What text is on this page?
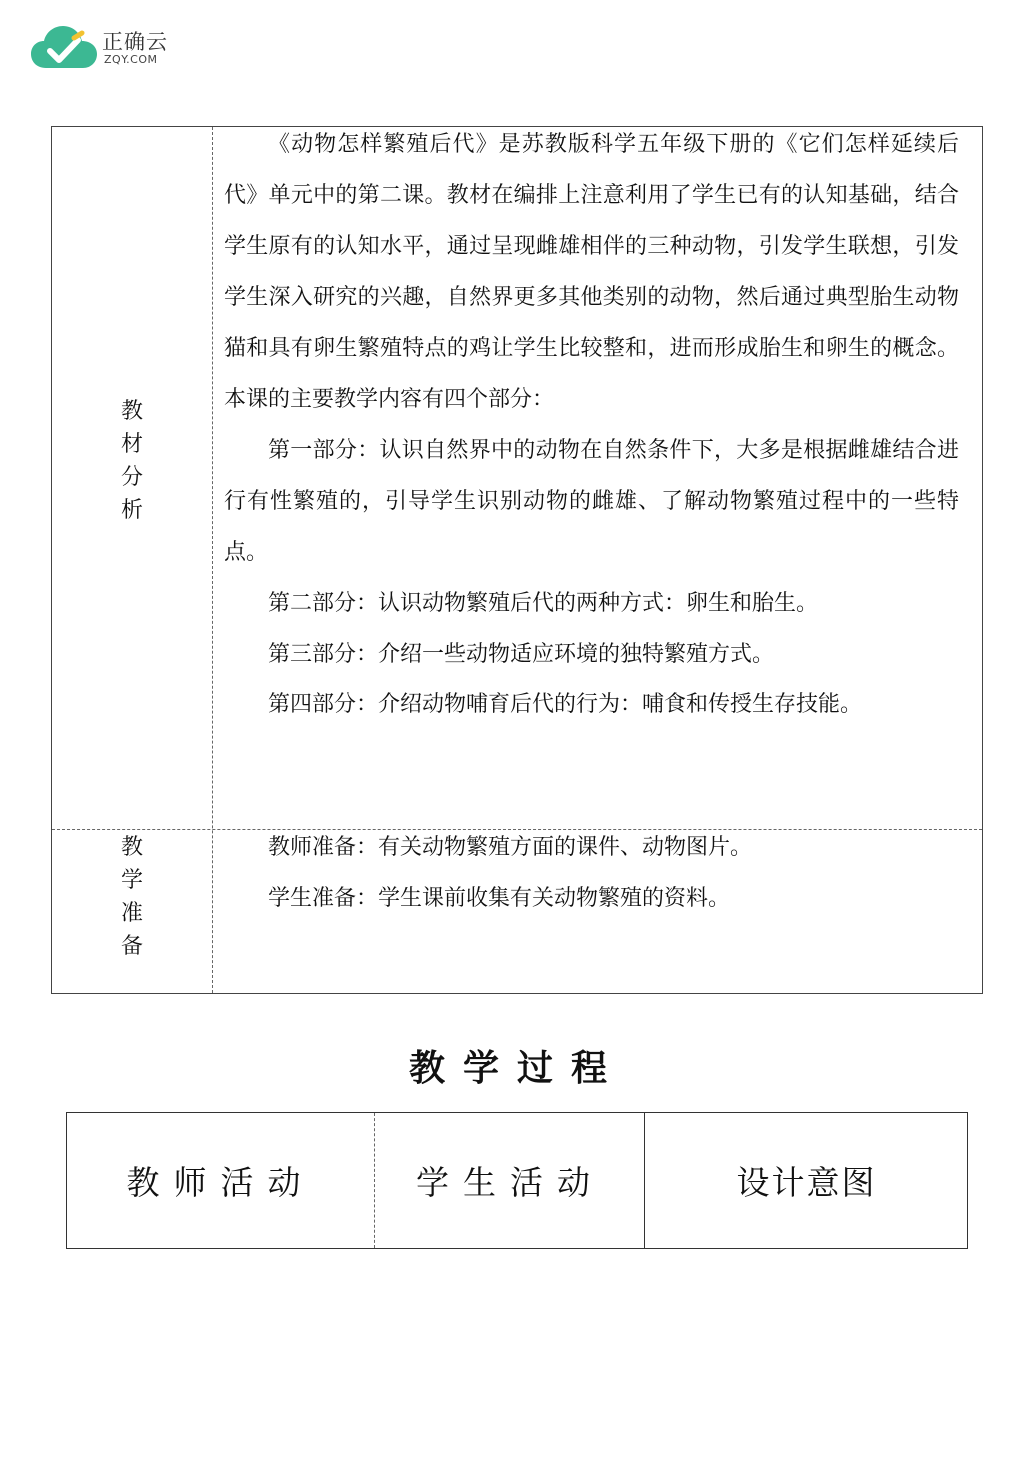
正确云
ZQY.COM
教
材
分
析

《动物怎样繁殖后代》是苏教版科学五年级下册的《它们怎样延续后代》单元中的第二课。教材在编排上注意利用了学生已有的认知基础，结合学生原有的认知水平，通过呈现雌雄相伴的三种动物，引发学生联想，引发学生深入研究的兴趣，自然界更多其他类别的动物，然后通过典型胎生动物猫和具有卵生繁殖特点的鸡让学生比较整和，进而形成胎生和卵生的概念。本课的主要教学内容有四个部分：

第一部分：认识自然界中的动物在自然条件下，大多是根据雌雄结合进行有性繁殖的，引导学生识别动物的雌雄、了解动物繁殖过程中的一些特点。

第二部分：认识动物繁殖后代的两种方式：卵生和胎生。

第三部分：介绍一些动物适应环境的独特繁殖方式。

第四部分：介绍动物哺育后代的行为：哺食和传授生存技能。

教
学
准
备

教师准备：有关动物繁殖方面的课件、动物图片。

学生准备：学生课前收集有关动物繁殖的资料。

教学过程
教师活动	学生活动	设计意图
